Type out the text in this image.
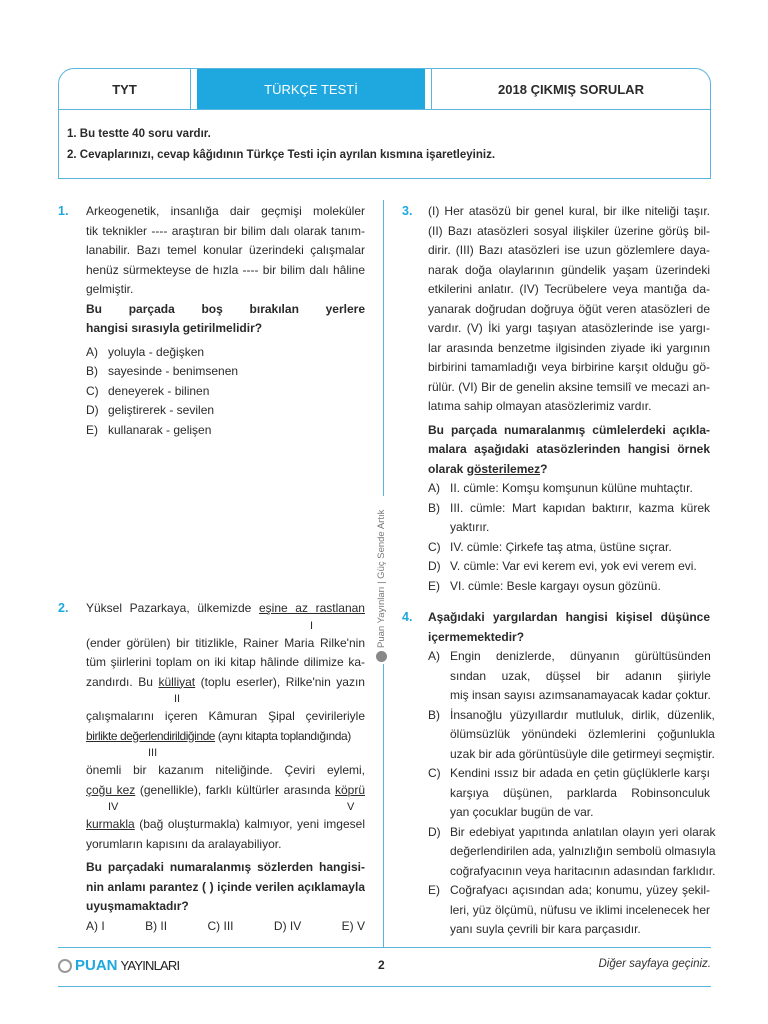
TYT	TÜRKÇE TESTİ	2018 ÇIKMIŞ SORULAR
1. Bu testte 40 soru vardır.
2. Cevaplarınızı, cevap kâğıdının Türkçe Testi için ayrılan kısmına işaretleyiniz.
1. Arkeogenetik, insanlığa dair geçmişi moleküler
tik teknikler ---- araştıran bir bilim dalı olarak tanım-
lanabilir. Bazı temel konular üzerindeki çalışmalar
henüz sürmekteyse de hızla ---- bir bilim dalı hâline
gelmiştir.
Bu parçada boş bırakılan yerlere
hangisi sırasıyla getirilmelidir?
A) yoluyla - değişken
B) sayesinde - benimsenen
C) deneyerek - bilinen
D) geliştirerek - sevilen
E) kullanarak - gelişen
2. Yüksel Pazarkaya, ülkemizde eşine az rastlanan
I
(ender görülen) bir titizlikle, Rainer Maria Rilke'nin
tüm şiirlerini toplam on iki kitap hâlinde dilimize ka-
zandırdı. Bu külliyat (toplu eserler), Rilke'nin yazın
II
çalışmalarını içeren Kâmuran Şipal çevirileriyle
birlikte değerlendirildiğinde (aynı kitapta toplandığında)
III
önemli bir kazanım niteliğinde. Çeviri eylemi,
çoğu kez (genellikle), farklı kültürler arasında köprü
IV	V
kurmakla (bağ oluşturmakla) kalmıyor, yeni imgesel
yorumların kapısını da aralayabiliyor.
Bu parçadaki numaralanmış sözlerden hangisi-
nin anlamı parantez ( ) içinde verilen açıklamayla
uyuşmamaktadır?
A) I	B) II	C) III	D) IV	E) V
3. (I) Her atasözü bir genel kural, bir ilke niteliği taşır.
(II) Bazı atasözleri sosyal ilişkiler üzerine görüş bil-
dirir. (III) Bazı atasözleri ise uzun gözlemlere daya-
narak doğa olaylarının gündelik yaşam üzerindeki
etkilerini anlatır. (IV) Tecrübelere veya mantığa da-
yanarak doğrudan doğruya öğüt veren atasözleri de
vardır. (V) İki yargı taşıyan atasözlerinde ise yargı-
lar arasında benzetme ilgisinden ziyade iki yargının
birbirini tamamladığı veya birbirine karşıt olduğu gö-
rülür. (VI) Bir de genelin aksine temsilî ve mecazi an-
latıma sahip olmayan atasözlerimiz vardır.
Bu parçada numaralanmış cümlelerdeki açıkla-
malara aşağıdaki atasözlerinden hangisi örnek
olarak gösterilemez?
A) II. cümle: Komşu komşunun külüne muhtaçtır.
B) III. cümle: Mart kapıdan baktırır, kazma kürek
yaktırır.
C) IV. cümle: Çirkefe taş atma, üstüne sıçrar.
D) V. cümle: Var evi kerem evi, yok evi verem evi.
E) VI. cümle: Besle kargayı oysun gözünü.
4. Aşağıdaki yargılardan hangisi kişisel düşünce
içermemektedir?
A) Engin denizlerde, dünyanın gürültüsünden
sından uzak, düşsel bir adanın şiiriyle
miş insan sayısı azımsanamayacak kadar çoktur.
B) İnsanoğlu yüzyıllardır mutluluk, dirlik, düzenlik,
ölümsüzlük yönündeki özlemlerini çoğunlukla
uzak bir ada görüntüsüyle dile getirmeyi seçmiştir.
C) Kendini ıssız bir adada en çetin güçlüklerle karşı
karşıya düşünen, parklarda Robinsonculuk
yan çocuklar bugün de var.
D) Bir edebiyat yapıtında anlatılan olayın yeri olarak
değerlendirilen ada, yalnızlığın sembolü olmasıyla
coğrafyacının veya haritacının adasından farklıdır.
E) Coğrafyacı açısından ada; konumu, yüzey şekil-
leri, yüz ölçümü, nüfusu ve iklimi incelenecek her
yanı suyla çevrili bir kara parçasıdır.
Puan Yayınları | Güç Sende Artık
PUAN YAYINLARI	2	Diğer sayfaya geçiniz.
